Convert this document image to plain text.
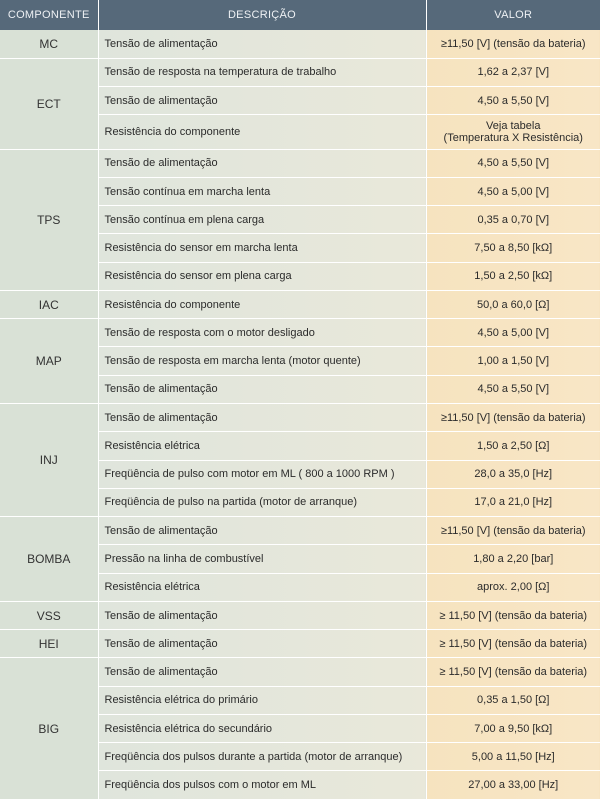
COMPONENTE	DESCRIÇÃO	VALOR
MC	Tensão de alimentação	≥11,50 [V] (tensão da bateria)
ECT	Tensão de resposta na temperatura de trabalho	1,62 a 2,37 [V]
	Tensão de alimentação	4,50 a 5,50 [V]
	Resistência do componente	Veja tabela
(Temperatura X Resistência)

TPS	Tensão de alimentação	4,50 a 5,50 [V]
	Tensão contínua em marcha lenta	4,50 a 5,00 [V]
	Tensão contínua em plena carga	0,35 a 0,70 [V]
	Resistência do sensor em marcha lenta	7,50 a 8,50 [kΩ]
	Resistência do sensor em plena carga	1,50 a 2,50 [kΩ]
IAC	Resistência do componente	50,0 a 60,0 [Ω]
MAP	Tensão de resposta com o motor desligado	4,50 a 5,00 [V]
	Tensão de resposta em marcha lenta (motor quente)	1,00 a 1,50 [V]
	Tensão de alimentação	4,50 a 5,50 [V]
INJ	Tensão de alimentação	≥11,50 [V] (tensão da bateria)
	Resistência elétrica	1,50 a 2,50 [Ω]
	Freqüência de pulso com motor em ML ( 800 a 1000 RPM )	28,0 a 35,0 [Hz]
	Freqüência de pulso na partida (motor de arranque)	17,0 a 21,0 [Hz]
BOMBA	Tensão de alimentação	≥11,50 [V] (tensão da bateria)
	Pressão na linha de combustível	1,80 a 2,20 [bar]
	Resistência elétrica	aprox. 2,00 [Ω]
VSS	Tensão de alimentação	≥ 11,50 [V] (tensão da bateria)
HEI	Tensão de alimentação	≥ 11,50 [V] (tensão da bateria)
BIG	Tensão de alimentação	≥ 11,50 [V] (tensão da bateria)
	Resistência elétrica do primário	0,35 a 1,50 [Ω]
	Resistência elétrica do secundário	7,00 a 9,50 [kΩ]
	Freqüência dos pulsos durante a partida (motor de arranque)	5,00 a 11,50 [Hz]
	Freqüência dos pulsos com o motor em ML	27,00 a 33,00 [Hz]
